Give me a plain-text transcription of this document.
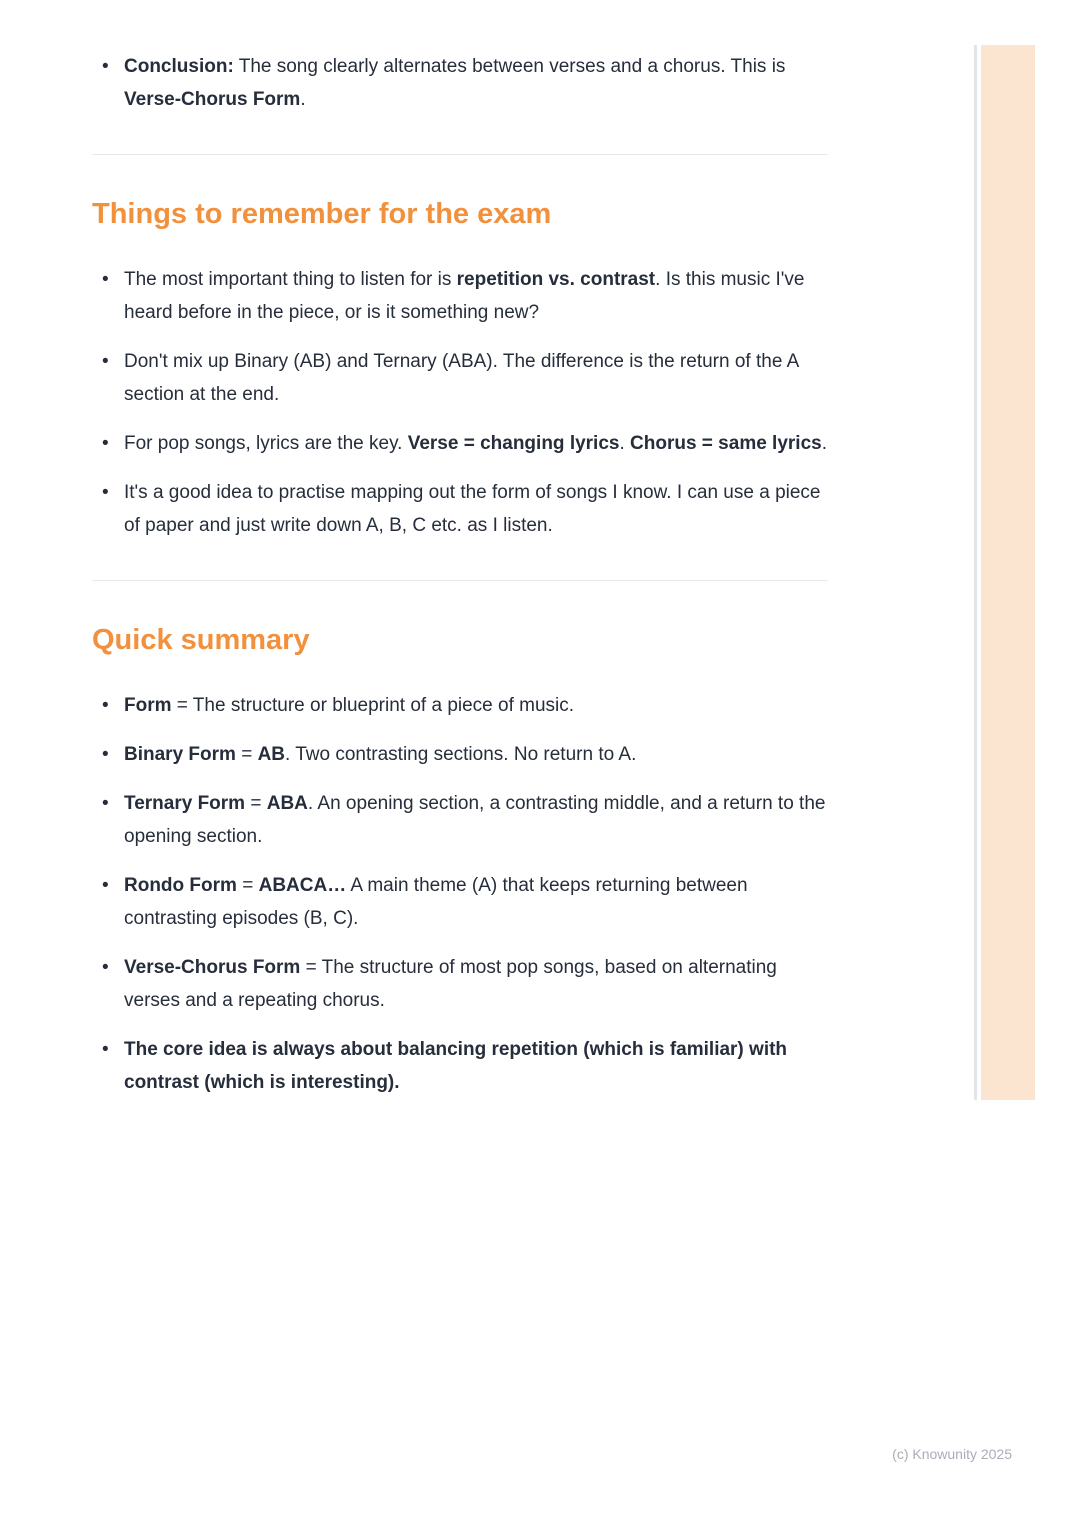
• Conclusion: The song clearly alternates between verses and a chorus. This is Verse-Chorus Form.
Things to remember for the exam
• The most important thing to listen for is repetition vs. contrast. Is this music I've heard before in the piece, or is it something new?
• Don't mix up Binary (AB) and Ternary (ABA). The difference is the return of the A section at the end.
• For pop songs, lyrics are the key. Verse = changing lyrics. Chorus = same lyrics.
• It's a good idea to practise mapping out the form of songs I know. I can use a piece of paper and just write down A, B, C etc. as I listen.
Quick summary
• Form = The structure or blueprint of a piece of music.
• Binary Form = AB. Two contrasting sections. No return to A.
• Ternary Form = ABA. An opening section, a contrasting middle, and a return to the opening section.
• Rondo Form = ABACA… A main theme (A) that keeps returning between contrasting episodes (B, C).
• Verse-Chorus Form = The structure of most pop songs, based on alternating verses and a repeating chorus.
• The core idea is always about balancing repetition (which is familiar) with contrast (which is interesting).
(c) Knowunity 2025
